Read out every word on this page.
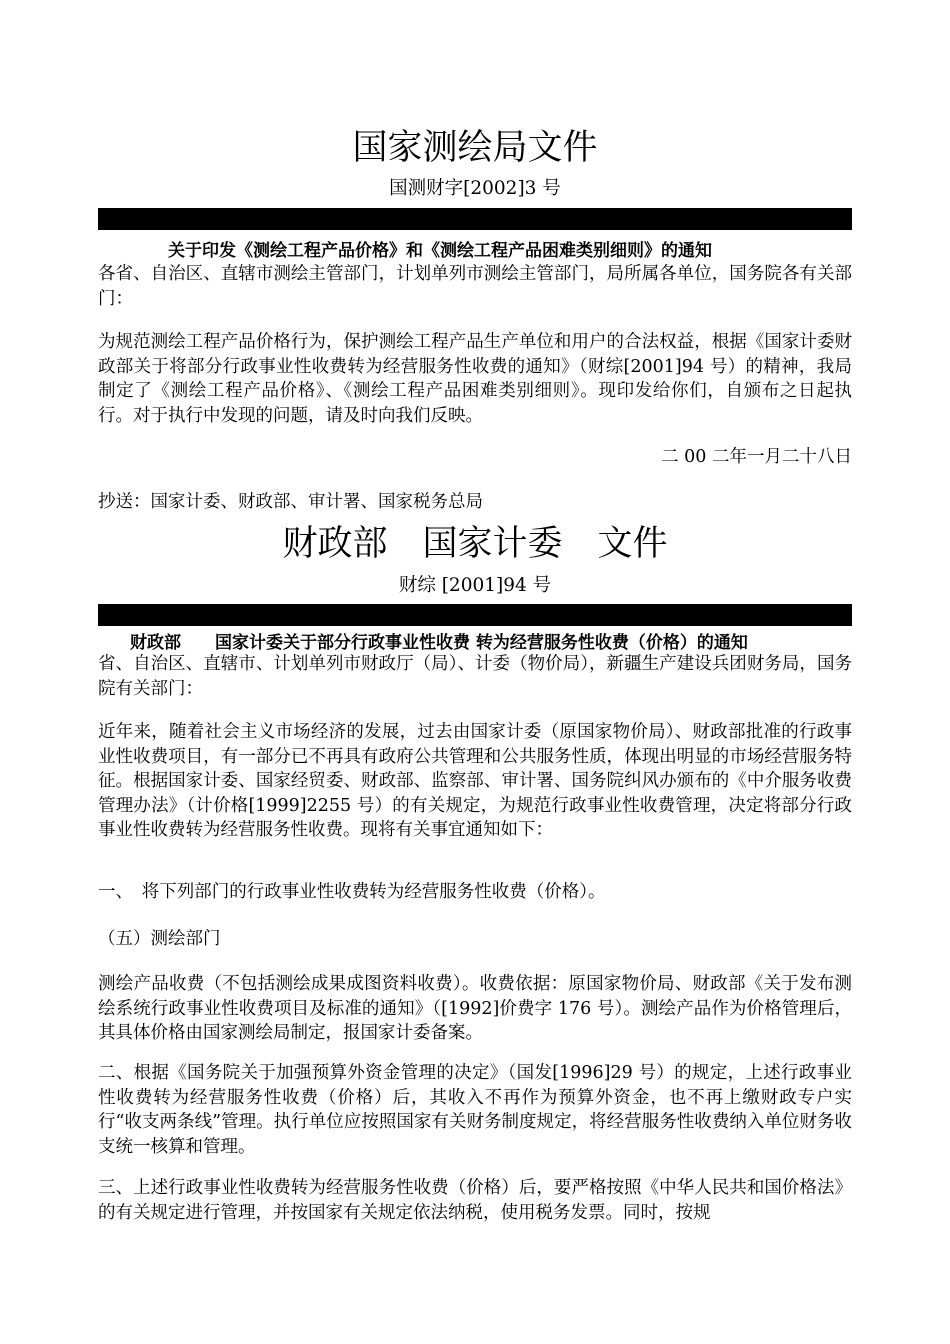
国家测绘局文件
国测财字[2002]3 号
关于印发《测绘工程产品价格》和《测绘工程产品困难类别细则》的通知
各省、自治区、直辖市测绘主管部门，计划单列市测绘主管部门，局所属各单位，国务院各有关部门：
为规范测绘工程产品价格行为，保护测绘工程产品生产单位和用户的合法权益，根据《国家计委财政部关于将部分行政事业性收费转为经营服务性收费的通知》（财综[2001]94 号）的精神，我局制定了《测绘工程产品价格》、《测绘工程产品困难类别细则》。现印发给你们，自颁布之日起执行。对于执行中发现的问题，请及时向我们反映。
二 00 二年一月二十八日
抄送：国家计委、财政部、审计署、国家税务总局
财政部　国家计委　文件
财综 [2001]94 号
财政部　　国家计委关于部分行政事业性收费 转为经营服务性收费（价格）的通知
省、自治区、直辖市、计划单列市财政厅（局）、计委（物价局），新疆生产建设兵团财务局，国务院有关部门：
近年来，随着社会主义市场经济的发展，过去由国家计委（原国家物价局）、财政部批准的行政事业性收费项目，有一部分已不再具有政府公共管理和公共服务性质，体现出明显的市场经营服务特征。根据国家计委、国家经贸委、财政部、监察部、审计署、国务院纠风办颁布的《中介服务收费管理办法》（计价格[1999]2255 号）的有关规定，为规范行政事业性收费管理，决定将部分行政事业性收费转为经营服务性收费。现将有关事宜通知如下：
一、　将下列部门的行政事业性收费转为经营服务性收费（价格）。
（五）测绘部门
测绘产品收费（不包括测绘成果成图资料收费）。收费依据：原国家物价局、财政部《关于发布测绘系统行政事业性收费项目及标准的通知》（[1992]价费字 176 号）。测绘产品作为价格管理后，其具体价格由国家测绘局制定，报国家计委备案。
二、根据《国务院关于加强预算外资金管理的决定》（国发[1996]29 号）的规定，上述行政事业性收费转为经营服务性收费（价格）后，其收入不再作为预算外资金，也不再上缴财政专户实行“收支两条线”管理。执行单位应按照国家有关财务制度规定，将经营服务性收费纳入单位财务收支统一核算和管理。
三、上述行政事业性收费转为经营服务性收费（价格）后，要严格按照《中华人民共和国价格法》的有关规定进行管理，并按国家有关规定依法纳税，使用税务发票。同时，按规
